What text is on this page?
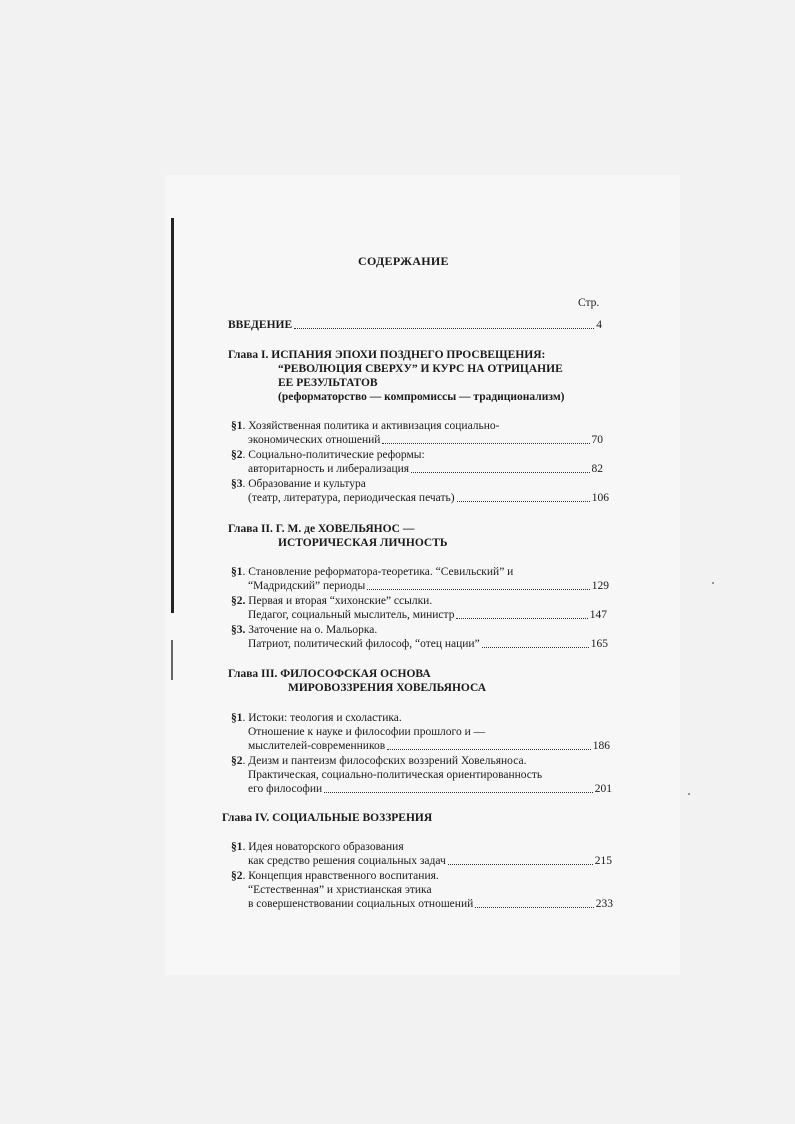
СОДЕРЖАНИЕ
Стр.
ВВЕДЕНИЕ	4
Глава I. ИСПАНИЯ ЭПОХИ ПОЗДНЕГО ПРОСВЕЩЕНИЯ:
“РЕВОЛЮЦИЯ СВЕРХУ” И КУРС НА ОТРИЦАНИЕ
ЕЕ РЕЗУЛЬТАТОВ
(реформаторство — компромиссы — традиционализм)
§1. Хозяйственная политика и активизация социально-
экономических отношений	70
§2. Социально-политические реформы:
авторитарность и либерализация	82
§3. Образование и культура
(театр, литература, периодическая печать)	106
Глава II. Г. М. де ХОВЕЛЬЯНОС —
ИСТОРИЧЕСКАЯ ЛИЧНОСТЬ
§1. Становление реформатора-теоретика. “Севильский” и
“Мадридский” периоды	129
§2. Первая и вторая “хихонские” ссылки.
Педагог, социальный мыслитель, министр	147
§3. Заточение на о. Мальорка.
Патриот, политический философ, “отец нации”	165
Глава III. ФИЛОСОФСКАЯ ОСНОВА
МИРОВОЗЗРЕНИЯ ХОВЕЛЬЯНОСА
§1. Истоки: теология и схоластика.
Отношение к науке и философии прошлого и —
мыслителей-современников	186
§2. Деизм и пантеизм философских воззрений Ховельяноса.
Практическая, социально-политическая ориентированность
его философии	201
Глава IV. СОЦИАЛЬНЫЕ ВОЗЗРЕНИЯ
§1. Идея новаторского образования
как средство решения социальных задач	215
§2. Концепция нравственного воспитания.
“Естественная” и христианская этика
в совершенствовании социальных отношений	233
